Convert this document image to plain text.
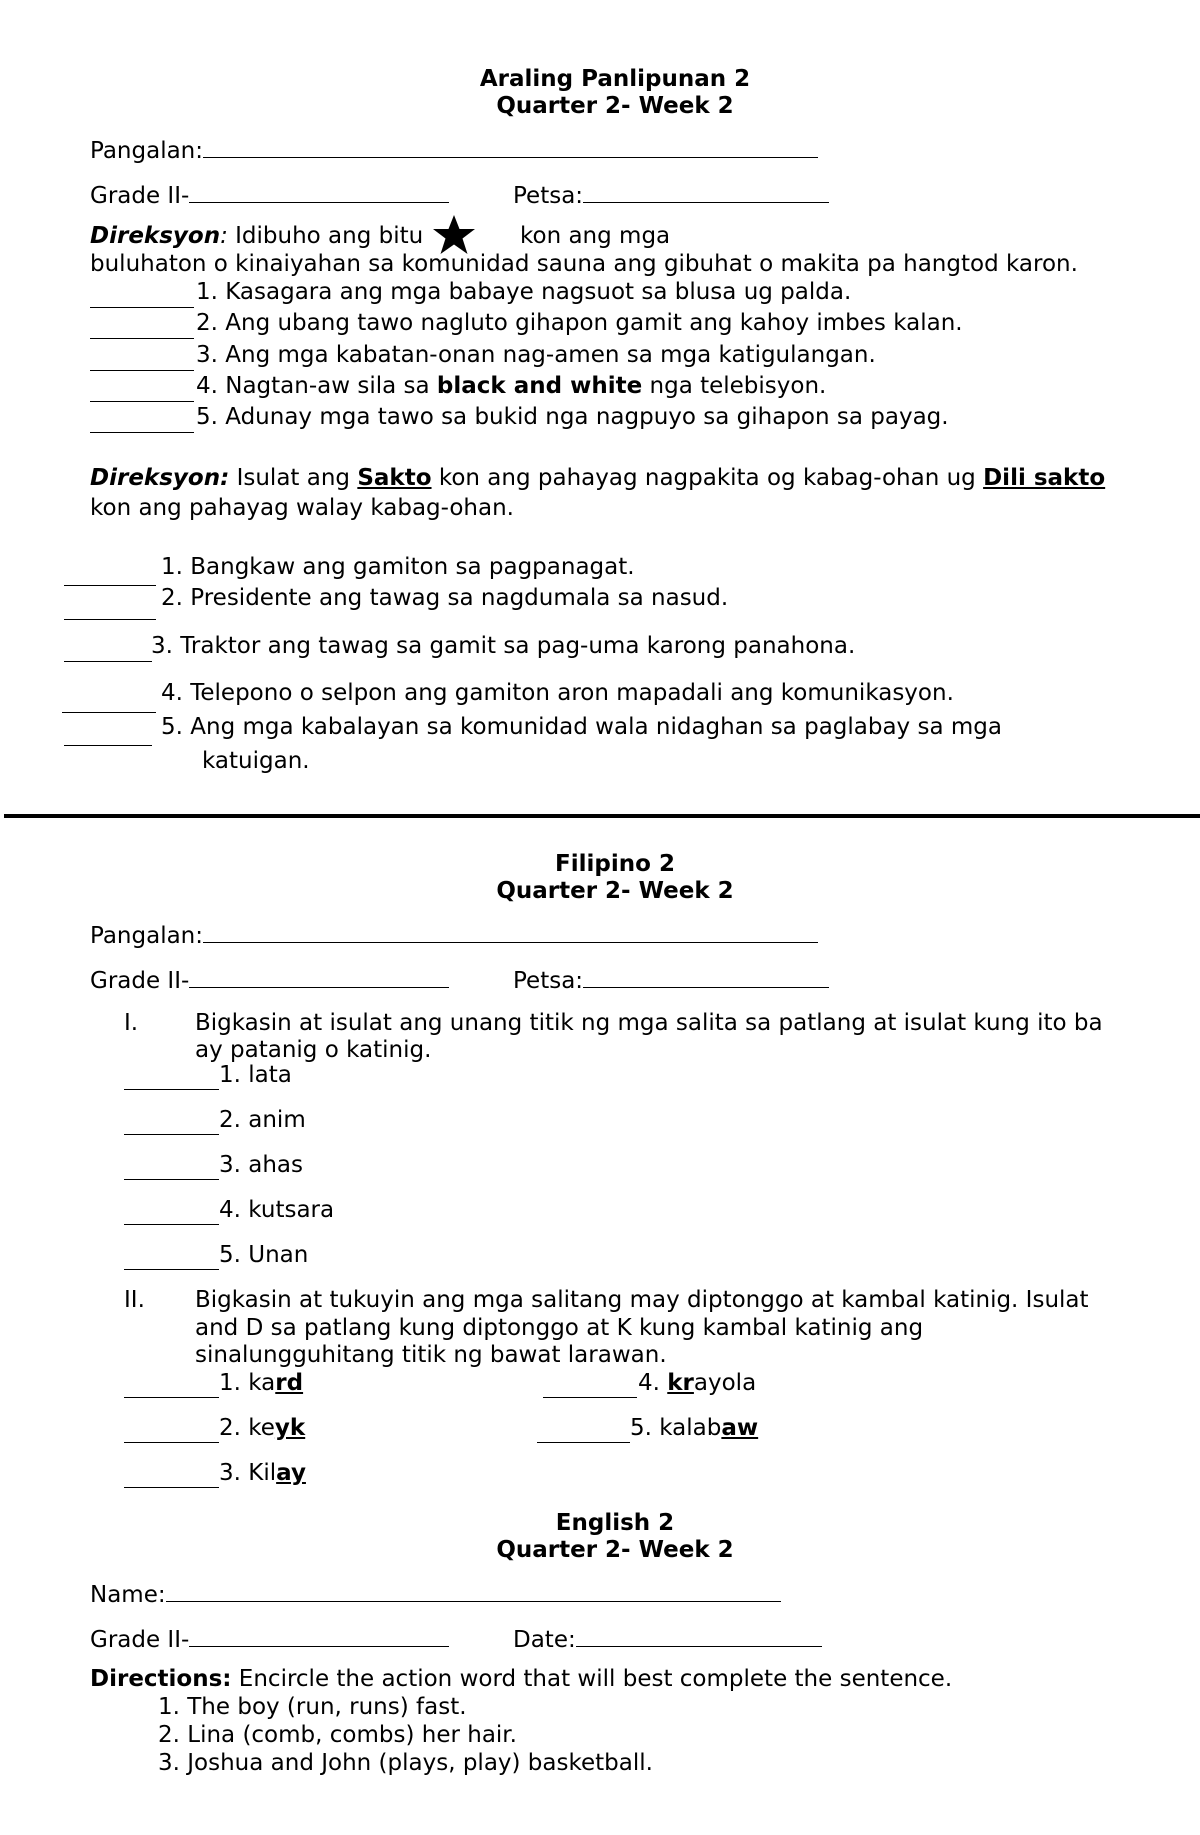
Araling Panlipunan 2
Quarter 2- Week 2
Pangalan:
Grade II-	Petsa:
Direksyon: Idibuho ang bitu	kon ang mga
buluhaton o kinaiyahan sa komunidad sauna ang gibuhat o makita pa hangtod karon.
1. Kasagara ang mga babaye nagsuot sa blusa ug palda.
2. Ang ubang tawo nagluto gihapon gamit ang kahoy imbes kalan.
3. Ang mga kabatan-onan nag-amen sa mga katigulangan.
4. Nagtan-aw sila sa black and white nga telebisyon.
5. Adunay mga tawo sa bukid nga nagpuyo sa gihapon sa payag.
Direksyon: Isulat ang Sakto kon ang pahayag nagpakita og kabag-ohan ug Dili sakto
kon ang pahayag walay kabag-ohan.
1. Bangkaw ang gamiton sa pagpanagat.
2. Presidente ang tawag sa nagdumala sa nasud.
3. Traktor ang tawag sa gamit sa pag-uma karong panahona.
4. Telepono o selpon ang gamiton aron mapadali ang komunikasyon.
5. Ang mga kabalayan sa komunidad wala nidaghan sa paglabay sa mga
katuigan.
Filipino 2
Quarter 2- Week 2
Pangalan:
Grade II-	Petsa:
I. Bigkasin at isulat ang unang titik ng mga salita sa patlang at isulat kung ito ba
ay patanig o katinig.
1. lata
2. anim
3. ahas
4. kutsara
5. Unan
II. Bigkasin at tukuyin ang mga salitang may diptonggo at kambal katinig. Isulat
and D sa patlang kung diptonggo at K kung kambal katinig ang
sinalungguhitang titik ng bawat larawan.
1. kard
2. keyk
3. Kilay
4. krayola
5. kalabaw
English 2
Quarter 2- Week 2
Name:
Grade II-	Date:
Directions: Encircle the action word that will best complete the sentence.
1. The boy (run, runs) fast.
2. Lina (comb, combs) her hair.
3. Joshua and John (plays, play) basketball.
